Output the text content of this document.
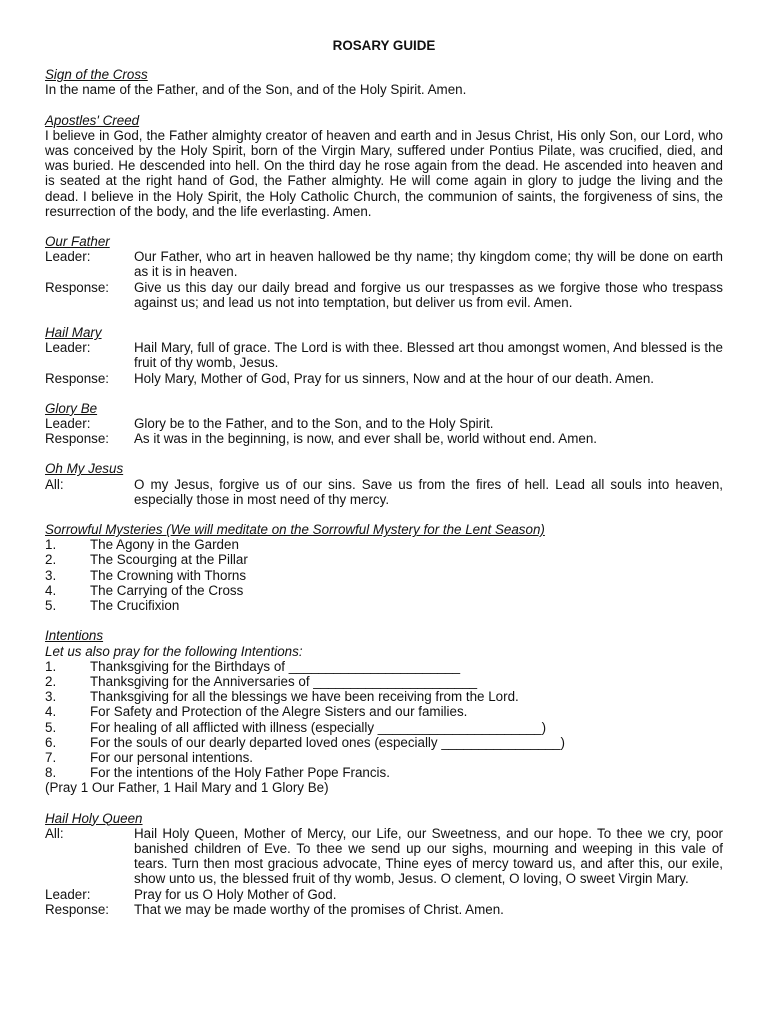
ROSARY GUIDE
Sign of the Cross
In the name of the Father, and of the Son, and of the Holy Spirit. Amen.
Apostles' Creed
I believe in God, the Father almighty creator of heaven and earth and in Jesus Christ, His only Son, our Lord, who was conceived by the Holy Spirit, born of the Virgin Mary, suffered under Pontius Pilate, was crucified, died, and was buried. He descended into hell. On the third day he rose again from the dead. He ascended into heaven and is seated at the right hand of God, the Father almighty. He will come again in glory to judge the living and the dead. I believe in the Holy Spirit, the Holy Catholic Church, the communion of saints, the forgiveness of sins, the resurrection of the body, and the life everlasting. Amen.
Our Father
Leader:	Our Father, who art in heaven hallowed be thy name; thy kingdom come; thy will be done on earth as it is in heaven.
Response:	Give us this day our daily bread and forgive us our trespasses as we forgive those who trespass against us; and lead us not into temptation, but deliver us from evil. Amen.
Hail Mary
Leader:	Hail Mary, full of grace. The Lord is with thee. Blessed art thou amongst women, And blessed is the fruit of thy womb, Jesus.
Response:	Holy Mary, Mother of God, Pray for us sinners, Now and at the hour of our death. Amen.
Glory Be
Leader:	Glory be to the Father, and to the Son, and to the Holy Spirit.
Response:	As it was in the beginning, is now, and ever shall be, world without end. Amen.
Oh My Jesus
All:	O my Jesus, forgive us of our sins. Save us from the fires of hell. Lead all souls into heaven, especially those in most need of thy mercy.
Sorrowful Mysteries (We will meditate on the Sorrowful Mystery for the Lent Season)
1.	The Agony in the Garden
2.	The Scourging at the Pillar
3.	The Crowning with Thorns
4.	The Carrying of the Cross
5.	The Crucifixion
Intentions
Let us also pray for the following Intentions:
1.	Thanksgiving for the Birthdays of _______________________
2.	Thanksgiving for the Anniversaries of ______________________
3.	Thanksgiving for all the blessings we have been receiving from the Lord.
4.	For Safety and Protection of the Alegre Sisters and our families.
5.	For healing of all afflicted with illness (especially ______________________)
6.	For the souls of our dearly departed loved ones (especially ________________)
7.	For our personal intentions.
8.	For the intentions of the Holy Father Pope Francis.
(Pray 1 Our Father, 1 Hail Mary and 1 Glory Be)
Hail Holy Queen
All:	Hail Holy Queen, Mother of Mercy, our Life, our Sweetness, and our hope. To thee we cry, poor banished children of Eve. To thee we send up our sighs, mourning and weeping in this vale of tears. Turn then most gracious advocate, Thine eyes of mercy toward us, and after this, our exile, show unto us, the blessed fruit of thy womb, Jesus. O clement, O loving, O sweet Virgin Mary.
Leader:	Pray for us O Holy Mother of God.
Response:	That we may be made worthy of the promises of Christ. Amen.
